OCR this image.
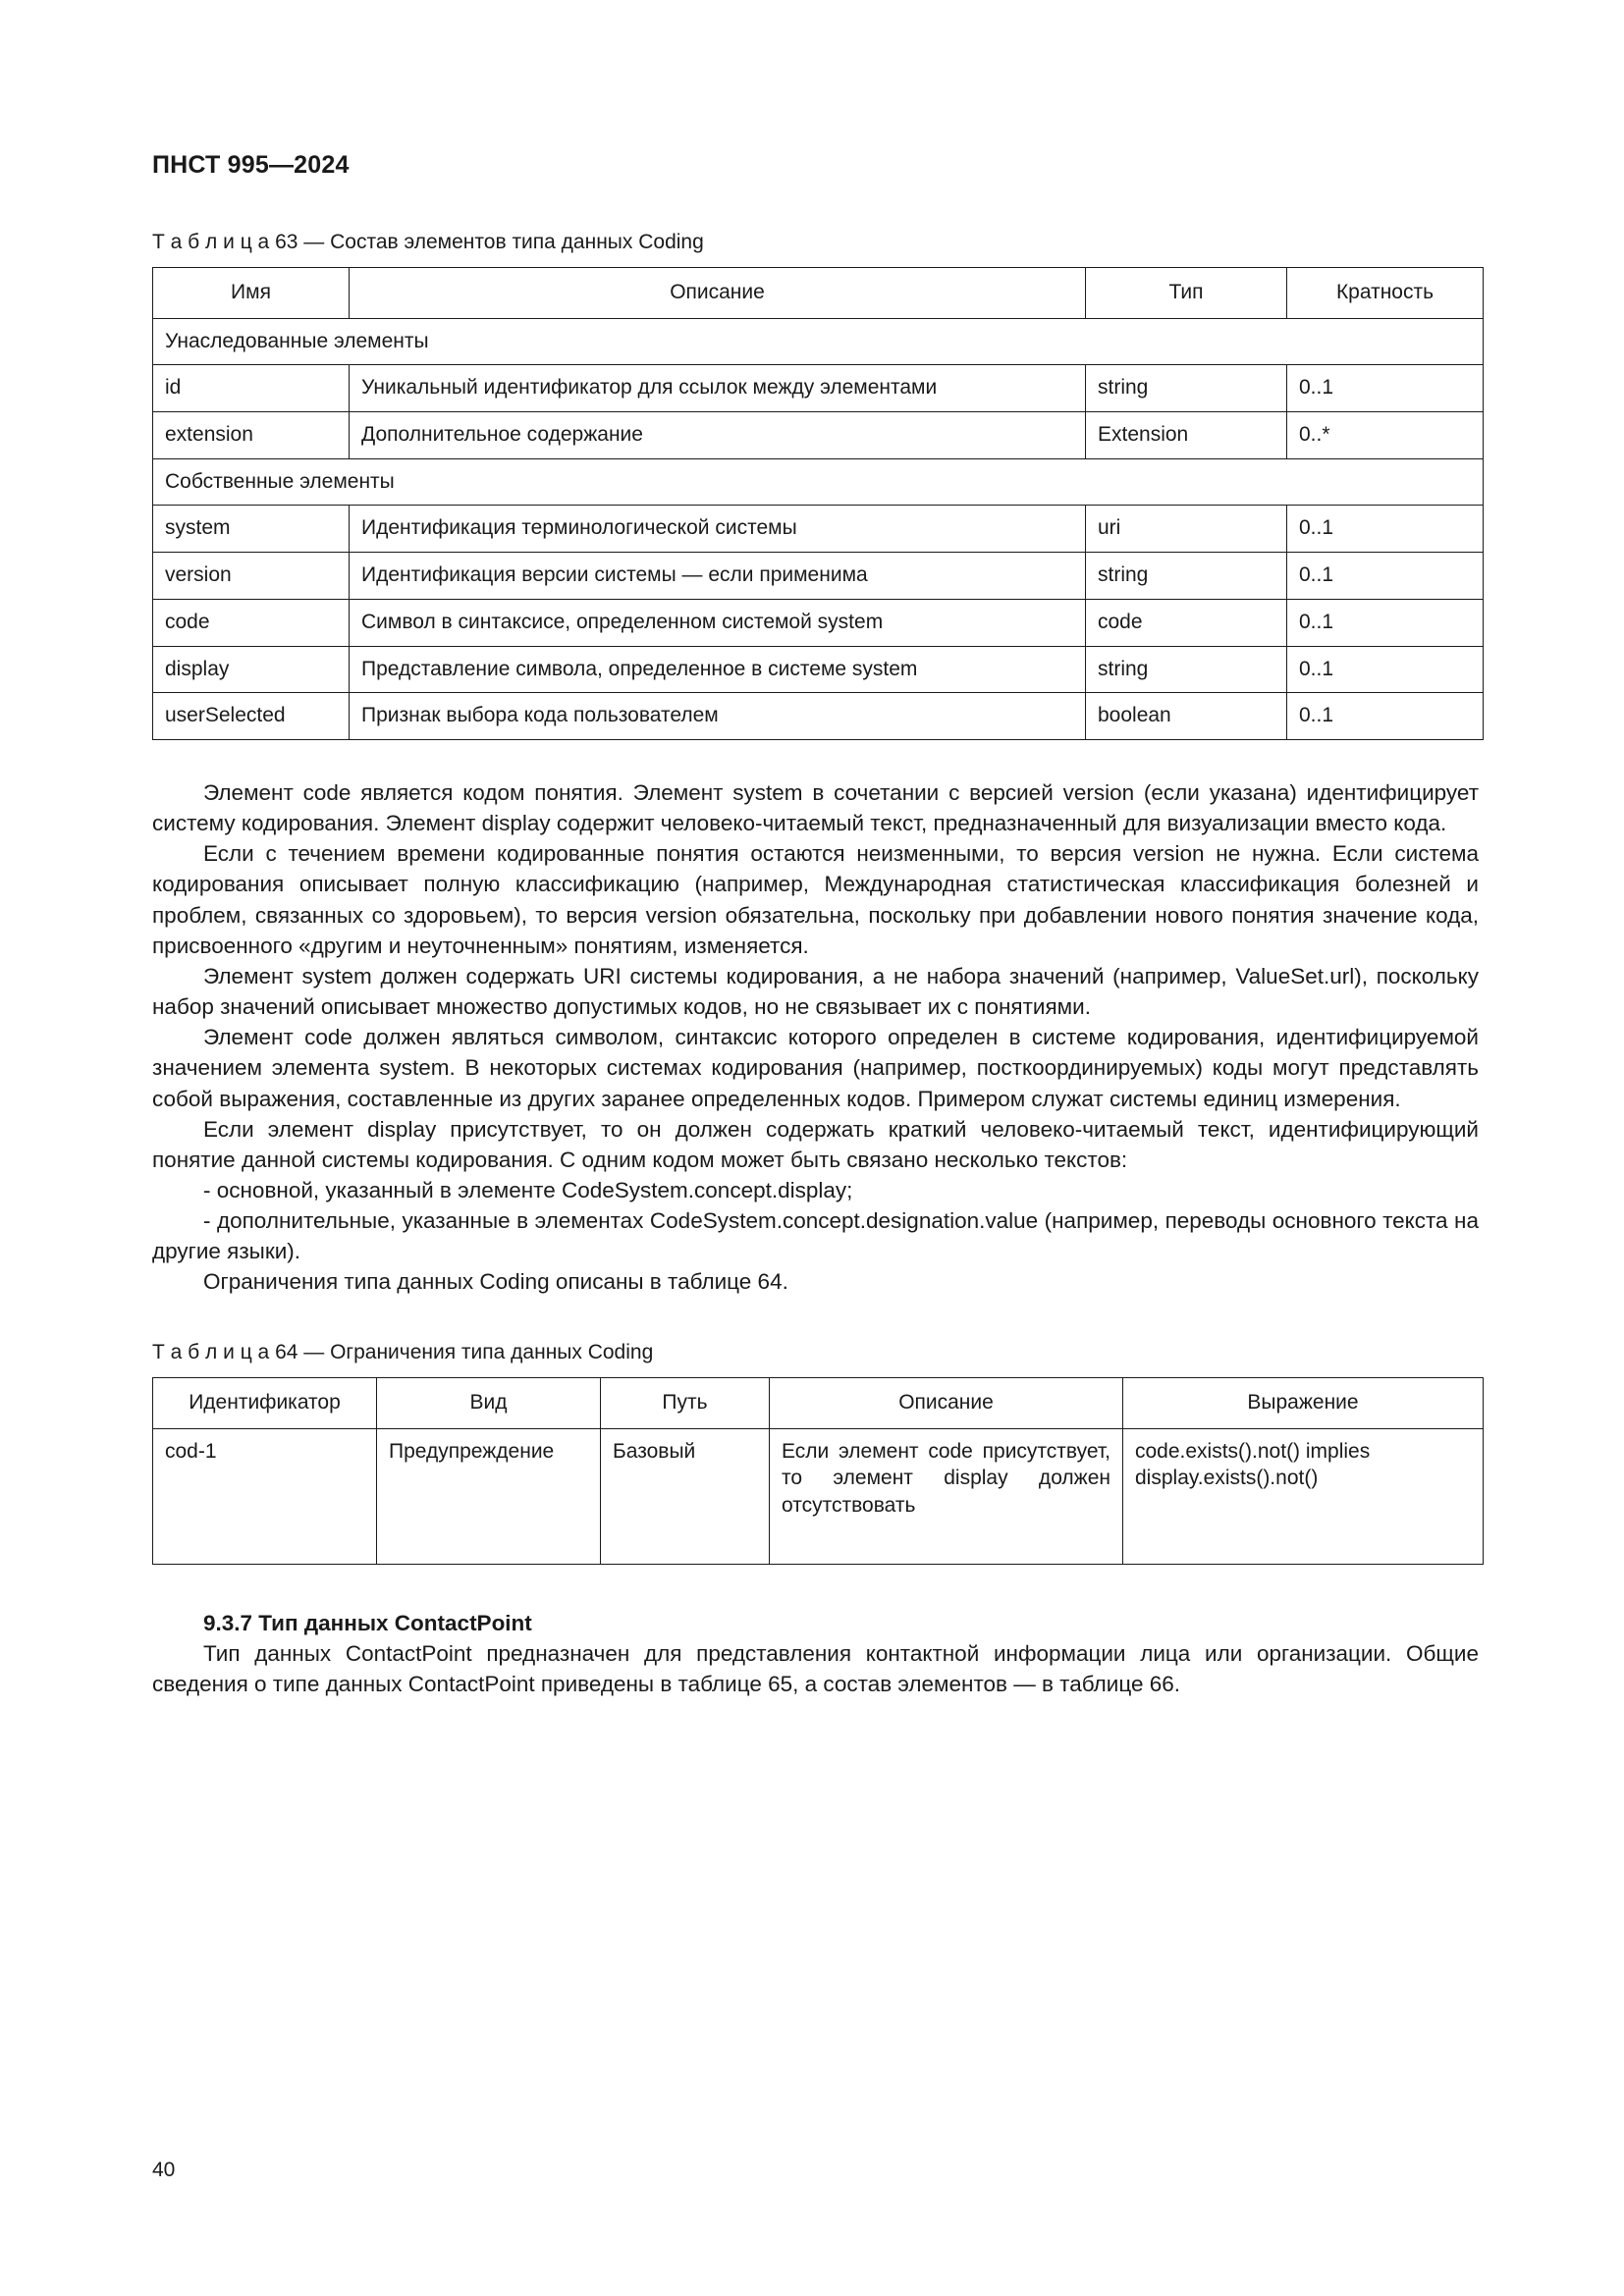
ПНСТ 995—2024
Т а б л и ц а 63 — Состав элементов типа данных Coding
Имя	Описание	Тип	Кратность
Унаследованные элементы			
id	Уникальный идентификатор для ссылок между элементами	string	0..1
extension	Дополнительное содержание	Extension	0..*
Собственные элементы			
system	Идентификация терминологической системы	uri	0..1
version	Идентификация версии системы — если применима	string	0..1
code	Символ в синтаксисе, определенном системой system	code	0..1
display	Представление символа, определенное в системе system	string	0..1
userSelected	Признак выбора кода пользователем	boolean	0..1

Элемент code является кодом понятия. Элемент system в сочетании с версией version (если указана) идентифицирует систему кодирования. Элемент display содержит человеко-читаемый текст, предназначенный для визуализации вместо кода.

Если с течением времени кодированные понятия остаются неизменными, то версия version не нужна. Если система кодирования описывает полную классификацию (например, Международная статистическая классификация болезней и проблем, связанных со здоровьем), то версия version обязательна, поскольку при добавлении нового понятия значение кода, присвоенного «другим и неуточненным» понятиям, изменяется.

Элемент system должен содержать URI системы кодирования, а не набора значений (например, ValueSet.url), поскольку набор значений описывает множество допустимых кодов, но не связывает их с понятиями.

Элемент code должен являться символом, синтаксис которого определен в системе кодирования, идентифицируемой значением элемента system. В некоторых системах кодирования (например, посткоординируемых) коды могут представлять собой выражения, составленные из других заранее определенных кодов. Примером служат системы единиц измерения.

Если элемент display присутствует, то он должен содержать краткий человеко-читаемый текст, идентифицирующий понятие данной системы кодирования. С одним кодом может быть связано несколько текстов:

- основной, указанный в элементе CodeSystem.concept.display;

- дополнительные, указанные в элементах CodeSystem.concept.designation.value (например, переводы основного текста на другие языки).

Ограничения типа данных Coding описаны в таблице 64.

Т а б л и ц а 64 — Ограничения типа данных Coding
Идентификатор	Вид	Путь	Описание	Выражение
cod-1	Предупреждение	Базовый	Если элемент code присутствует, то элемент display должен отсутствовать	code.exists().not() implies display.exists().not()
9.3.7 Тип данных ContactPoint

Тип данных ContactPoint предназначен для представления контактной информации лица или организации. Общие сведения о типе данных ContactPoint приведены в таблице 65, а состав элементов — в таблице 66.

40
